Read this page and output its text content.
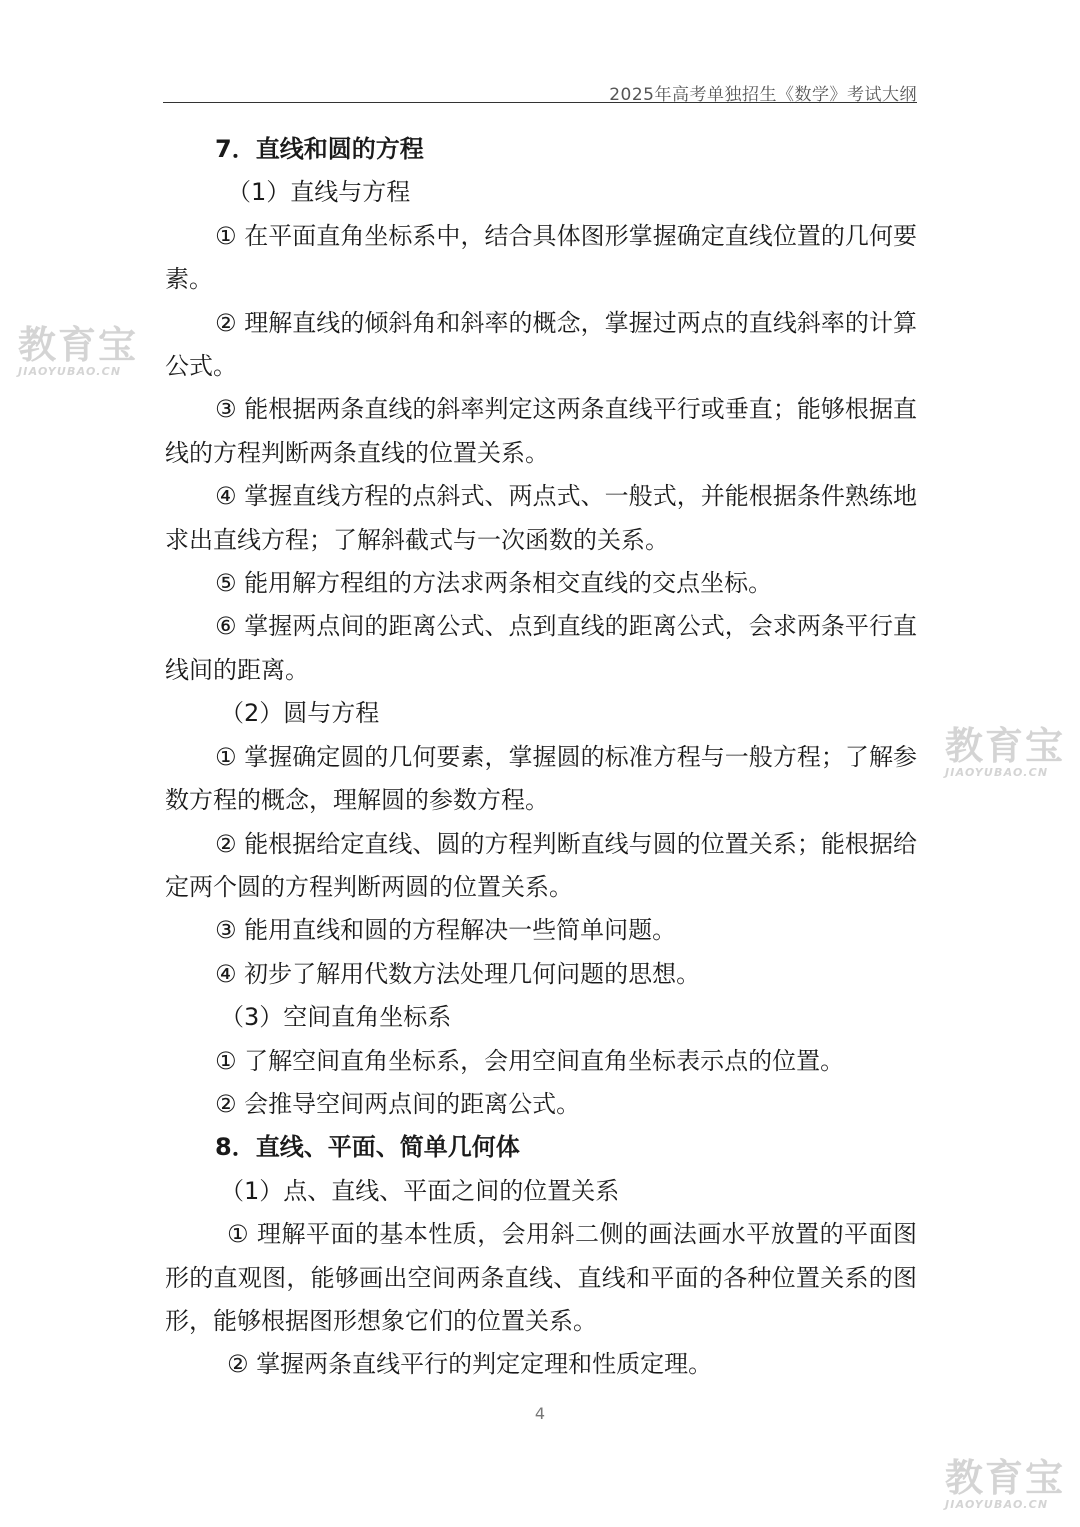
2025年高考单独招生《数学》考试大纲

7．直线和圆的方程

（1）直线与方程

① 在平面直角坐标系中，结合具体图形掌握确定直线位置的几何要素。

② 理解直线的倾斜角和斜率的概念，掌握过两点的直线斜率的计算公式。

③ 能根据两条直线的斜率判定这两条直线平行或垂直；能够根据直线的方程判断两条直线的位置关系。

④ 掌握直线方程的点斜式、两点式、一般式，并能根据条件熟练地求出直线方程；了解斜截式与一次函数的关系。

⑤ 能用解方程组的方法求两条相交直线的交点坐标。

⑥ 掌握两点间的距离公式、点到直线的距离公式，会求两条平行直线间的距离。

（2）圆与方程

① 掌握确定圆的几何要素，掌握圆的标准方程与一般方程；了解参数方程的概念，理解圆的参数方程。

② 能根据给定直线、圆的方程判断直线与圆的位置关系；能根据给定两个圆的方程判断两圆的位置关系。

③ 能用直线和圆的方程解决一些简单问题。

④ 初步了解用代数方法处理几何问题的思想。

（3）空间直角坐标系

① 了解空间直角坐标系，会用空间直角坐标表示点的位置。

② 会推导空间两点间的距离公式。

8．直线、平面、简单几何体

（1）点、直线、平面之间的位置关系

① 理解平面的基本性质，会用斜二侧的画法画水平放置的平面图形的直观图，能够画出空间两条直线、直线和平面的各种位置关系的图形，能够根据图形想象它们的位置关系。

② 掌握两条直线平行的判定定理和性质定理。

4
教育宝
JIAOYUBAO.CN
教育宝
JIAOYUBAO.CN
教育宝
JIAOYUBAO.CN
